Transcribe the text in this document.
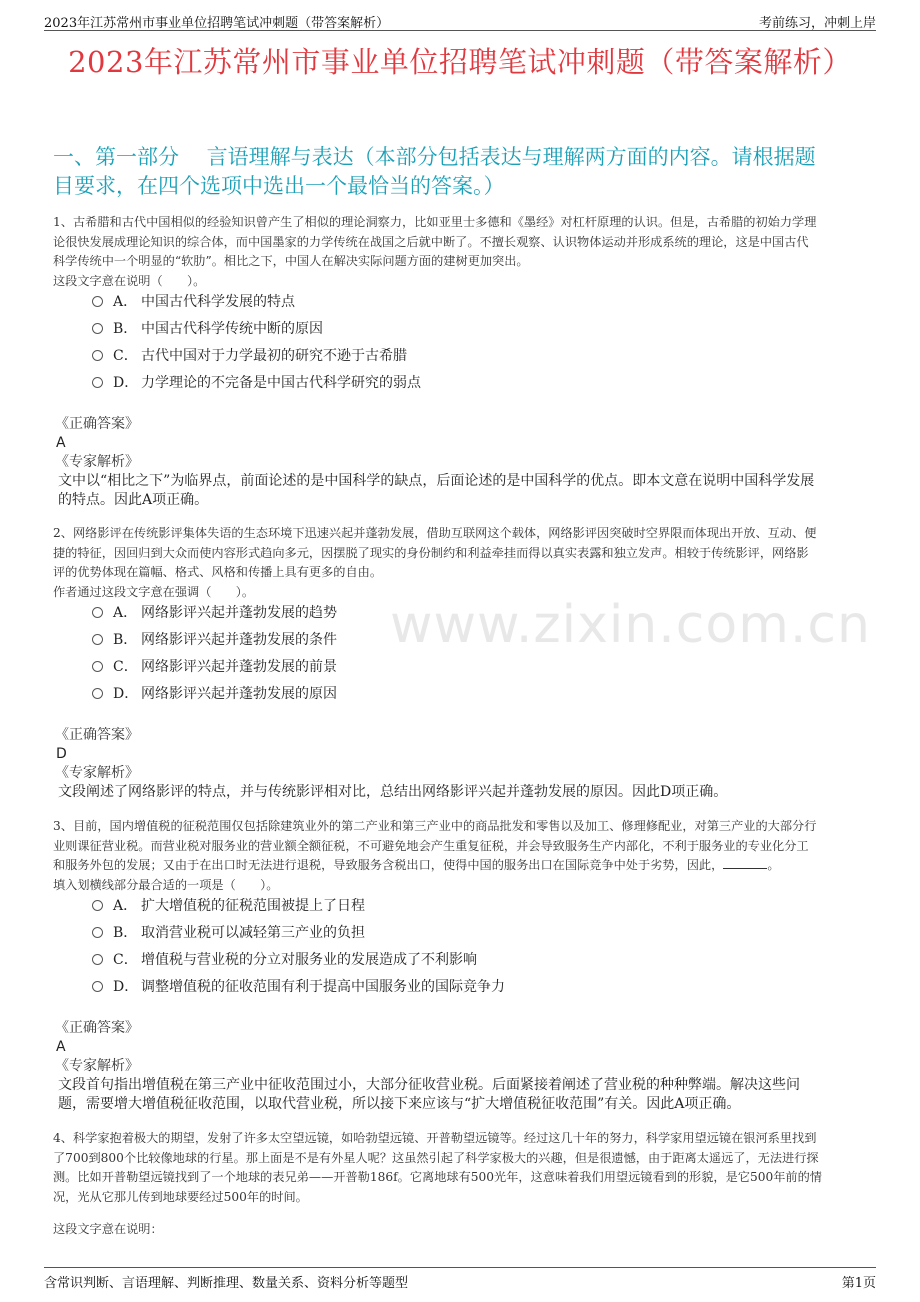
2023年江苏常州市事业单位招聘笔试冲刺题（带答案解析）	考前练习，冲刺上岸
2023年江苏常州市事业单位招聘笔试冲刺题（带答案解析）
一、第一部分　 言语理解与表达（本部分包括表达与理解两方面的内容。请根据题
目要求，在四个选项中选出一个最恰当的答案。）
www.zixin.com.cn

1、古希腊和古代中国相似的经验知识曾产生了相似的理论洞察力，比如亚里士多德和《墨经》对杠杆原理的认识。但是，古希腊的初始力学理

论很快发展成理论知识的综合体，而中国墨家的力学传统在战国之后就中断了。不擅长观察、认识物体运动并形成系统的理论，这是中国古代

科学传统中一个明显的“软肋”。相比之下，中国人在解决实际问题方面的建树更加突出。

这段文字意在说明（　　）。

A． 中国古代科学发展的特点
B． 中国古代科学传统中断的原因
C． 古代中国对于力学最初的研究不逊于古希腊
D． 力学理论的不完备是中国古代科学研究的弱点
《正确答案》
A
《专家解析》
文中以“相比之下”为临界点，前面论述的是中国科学的缺点，后面论述的是中国科学的优点。即本文意在说明中国科学发展
的特点。因此A项正确。

2、网络影评在传统影评集体失语的生态环境下迅速兴起并蓬勃发展，借助互联网这个载体，网络影评因突破时空界限而体现出开放、互动、便

捷的特征，因回归到大众而使内容形式趋向多元，因摆脱了现实的身份制约和利益牵挂而得以真实表露和独立发声。相较于传统影评，网络影

评的优势体现在篇幅、格式、风格和传播上具有更多的自由。

作者通过这段文字意在强调（　　）。

A． 网络影评兴起并蓬勃发展的趋势
B． 网络影评兴起并蓬勃发展的条件
C． 网络影评兴起并蓬勃发展的前景
D． 网络影评兴起并蓬勃发展的原因
《正确答案》
D
《专家解析》
文段阐述了网络影评的特点，并与传统影评相对比，总结出网络影评兴起并蓬勃发展的原因。因此D项正确。

3、目前，国内增值税的征税范围仅包括除建筑业外的第二产业和第三产业中的商品批发和零售以及加工、修理修配业，对第三产业的大部分行

业则课征营业税。而营业税对服务业的营业额全额征税，不可避免地会产生重复征税，并会导致服务生产内部化，不利于服务业的专业化分工

和服务外包的发展；又由于在出口时无法进行退税，导致服务含税出口，使得中国的服务出口在国际竞争中处于劣势，因此，	。

填入划横线部分最合适的一项是（　　）。

A． 扩大增值税的征税范围被提上了日程
B． 取消营业税可以减轻第三产业的负担
C． 增值税与营业税的分立对服务业的发展造成了不利影响
D． 调整增值税的征收范围有利于提高中国服务业的国际竞争力
《正确答案》
A
《专家解析》
文段首句指出增值税在第三产业中征收范围过小，大部分征收营业税。后面紧接着阐述了营业税的种种弊端。解决这些问
题，需要增大增值税征收范围，以取代营业税，所以接下来应该与“扩大增值税征收范围”有关。因此A项正确。

4、科学家抱着极大的期望，发射了许多太空望远镜，如哈勃望远镜、开普勒望远镜等。经过这几十年的努力，科学家用望远镜在银河系里找到

了700到800个比较像地球的行星。那上面是不是有外星人呢？这虽然引起了科学家极大的兴趣，但是很遗憾，由于距离太遥远了，无法进行探

测。比如开普勒望远镜找到了一个地球的表兄弟——开普勒186f。它离地球有500光年，这意味着我们用望远镜看到的形貌，是它500年前的情

况，光从它那儿传到地球要经过500年的时间。

这段文字意在说明：
含常识判断、言语理解、判断推理、数量关系、资料分析等题型	第1页
